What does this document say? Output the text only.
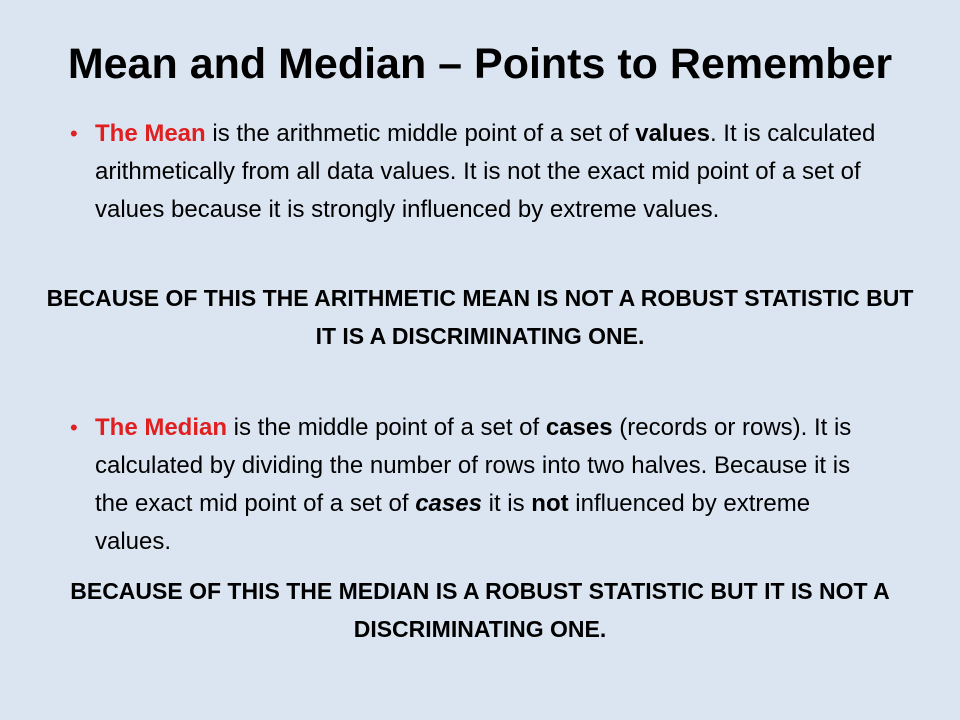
Mean and Median – Points to Remember
• The Mean is the arithmetic middle point of a set of values. It is calculated arithmetically from all data values. It is not the exact mid point of a set of values because it is strongly influenced by extreme values.
BECAUSE OF THIS THE ARITHMETIC MEAN IS NOT A ROBUST STATISTIC BUT IT IS A DISCRIMINATING ONE.
• The Median is the middle point of a set of cases (records or rows). It is calculated by dividing the number of rows into two halves. Because it is the exact mid point of a set of cases it is not influenced by extreme values.
BECAUSE OF THIS THE MEDIAN IS A ROBUST STATISTIC BUT IT IS NOT A DISCRIMINATING ONE.
